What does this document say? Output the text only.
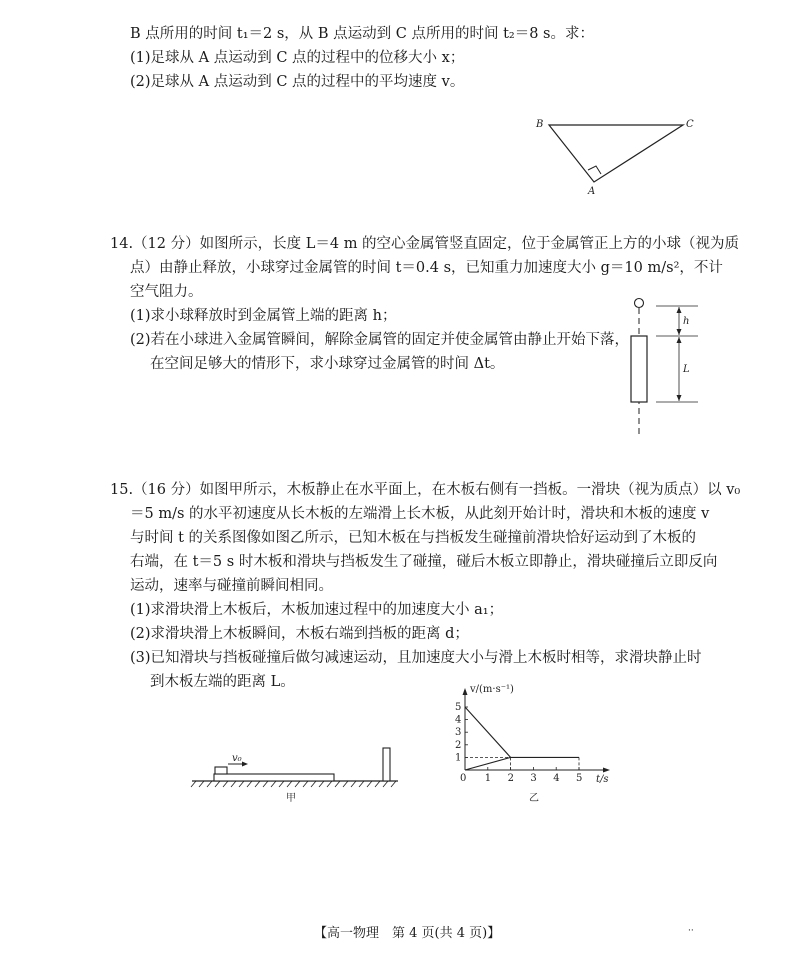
B 点所用的时间 t₁＝2 s，从 B 点运动到 C 点所用的时间 t₂＝8 s。求：
(1)足球从 A 点运动到 C 点的过程中的位移大小 x；
(2)足球从 A 点运动到 C 点的过程中的平均速度 v。
B	C
A
14.（12 分）如图所示，长度 L＝4 m 的空心金属管竖直固定，位于金属管正上方的小球（视为质
点）由静止释放，小球穿过金属管的时间 t＝0.4 s，已知重力加速度大小 g＝10 m/s²，不计
空气阻力。
(1)求小球释放时到金属管上端的距离 h；
(2)若在小球进入金属管瞬间，解除金属管的固定并使金属管由静止开始下落，
在空间足够大的情形下，求小球穿过金属管的时间 Δt。
h
L
15.（16 分）如图甲所示，木板静止在水平面上，在木板右侧有一挡板。一滑块（视为质点）以 v₀
＝5 m/s 的水平初速度从长木板的左端滑上长木板，从此刻开始计时，滑块和木板的速度 v
与时间 t 的关系图像如图乙所示，已知木板在与挡板发生碰撞前滑块恰好运动到了木板的
右端，在 t＝5 s 时木板和滑块与挡板发生了碰撞，碰后木板立即静止，滑块碰撞后立即反向
运动，速率与碰撞前瞬间相同。
(1)求滑块滑上木板后，木板加速过程中的加速度大小 a₁；
(2)求滑块滑上木板瞬间，木板右端到挡板的距离 d；
(3)已知滑块与挡板碰撞后做匀减速运动，且加速度大小与滑上木板时相等，求滑块静止时
到木板左端的距离 L。
v₀
甲
v/(m·s⁻¹)
t/s
0
乙
1
2
3
4
5
1 2 3 4 5
【高一物理　第 4 页(共 4 页)】	··
